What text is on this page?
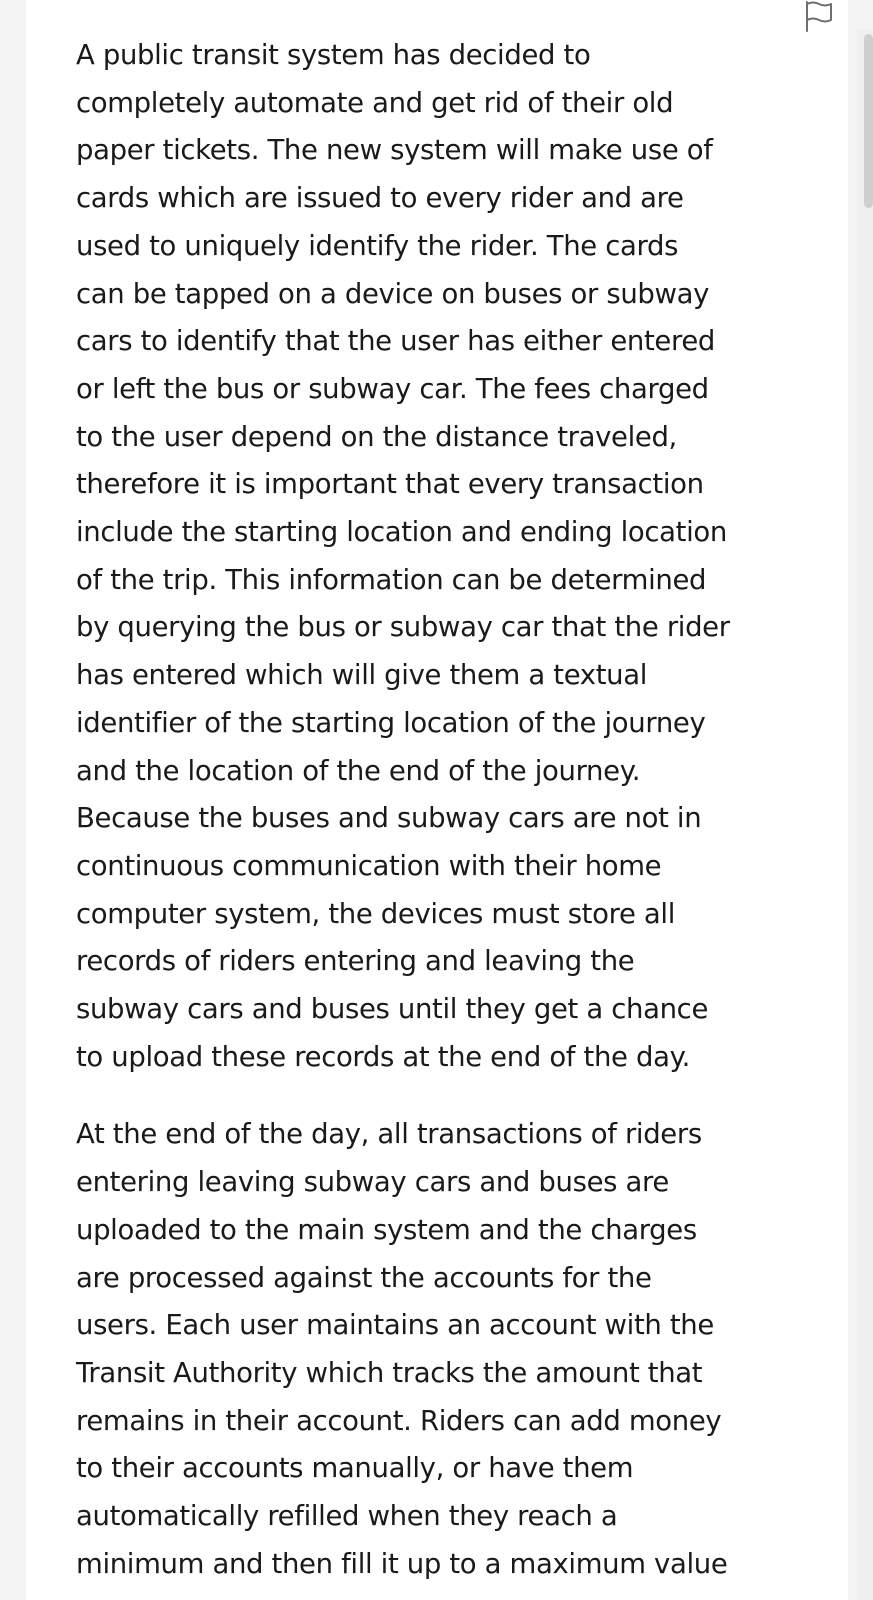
A public transit system has decided to
completely automate and get rid of their old
paper tickets. The new system will make use of
cards which are issued to every rider and are
used to uniquely identify the rider. The cards
can be tapped on a device on buses or subway
cars to identify that the user has either entered
or left the bus or subway car. The fees charged
to the user depend on the distance traveled,
therefore it is important that every transaction
include the starting location and ending location
of the trip. This information can be determined
by querying the bus or subway car that the rider
has entered which will give them a textual
identifier of the starting location of the journey
and the location of the end of the journey.
Because the buses and subway cars are not in
continuous communication with their home
computer system, the devices must store all
records of riders entering and leaving the
subway cars and buses until they get a chance
to upload these records at the end of the day.
At the end of the day, all transactions of riders
entering leaving subway cars and buses are
uploaded to the main system and the charges
are processed against the accounts for the
users. Each user maintains an account with the
Transit Authority which tracks the amount that
remains in their account. Riders can add money
to their accounts manually, or have them
automatically refilled when they reach a
minimum and then fill it up to a maximum value
